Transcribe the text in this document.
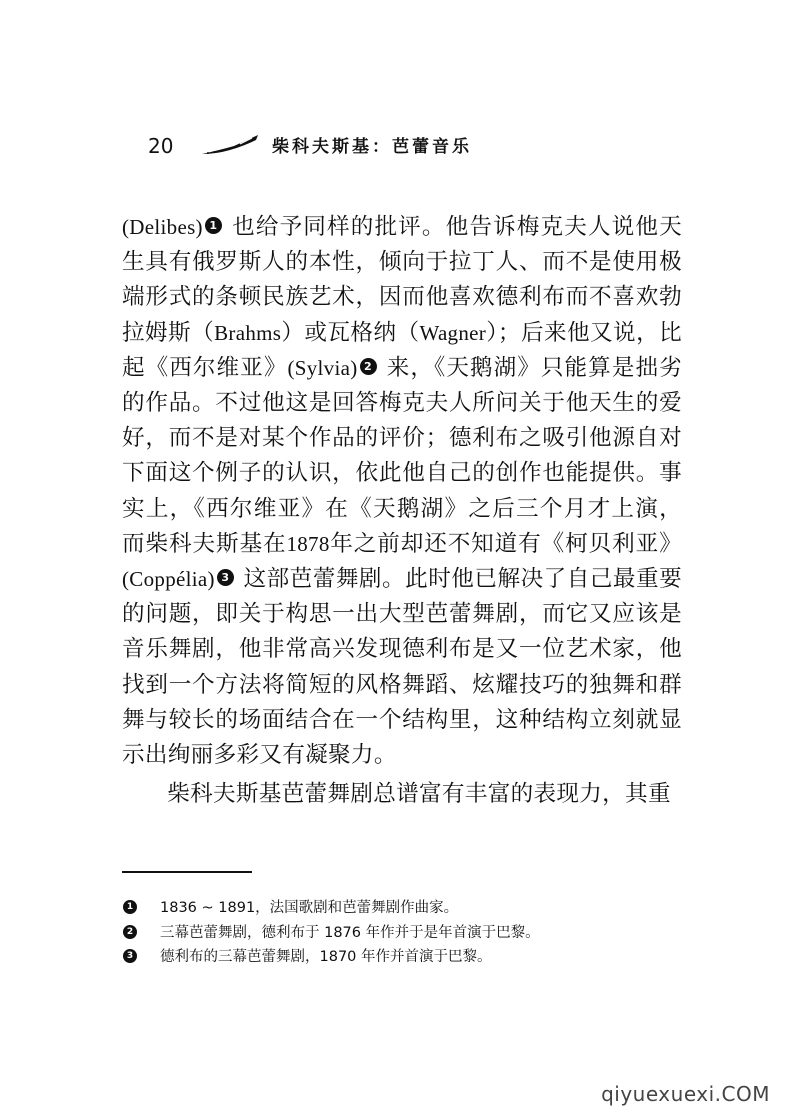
20	柴科夫斯基：芭蕾音乐

(Delibes) 1 也给予同样的批评。他告诉梅克夫人说他天生具有俄罗斯人的本性，倾向于拉丁人、而不是使用极端形式的条顿民族艺术，因而他喜欢德利布而不喜欢勃拉姆斯（Brahms）或瓦格纳（Wagner）；后来他又说，比起《西尔维亚》(Sylvia) 2 来，《天鹅湖》只能算是拙劣的作品。不过他这是回答梅克夫人所问关于他天生的爱好，而不是对某个作品的评价；德利布之吸引他源自对下面这个例子的认识，依此他自己的创作也能提供。事实上，《西尔维亚》在《天鹅湖》之后三个月才上演，而柴科夫斯基在1878年之前却还不知道有《柯贝利亚》(Coppélia) 3 这部芭蕾舞剧。此时他已解决了自己最重要的问题，即关于构思一出大型芭蕾舞剧，而它又应该是音乐舞剧，他非常高兴发现德利布是又一位艺术家，他找到一个方法将简短的风格舞蹈、炫耀技巧的独舞和群舞与较长的场面结合在一个结构里，这种结构立刻就显示出绚丽多彩又有凝聚力。

柴科夫斯基芭蕾舞剧总谱富有丰富的表现力，其重

1 1836 ~ 1891，法国歌剧和芭蕾舞剧作曲家。
2 三幕芭蕾舞剧，德利布于 1876 年作并于是年首演于巴黎。
3 德利布的三幕芭蕾舞剧，1870 年作并首演于巴黎。
qiyuexuexi.COM
